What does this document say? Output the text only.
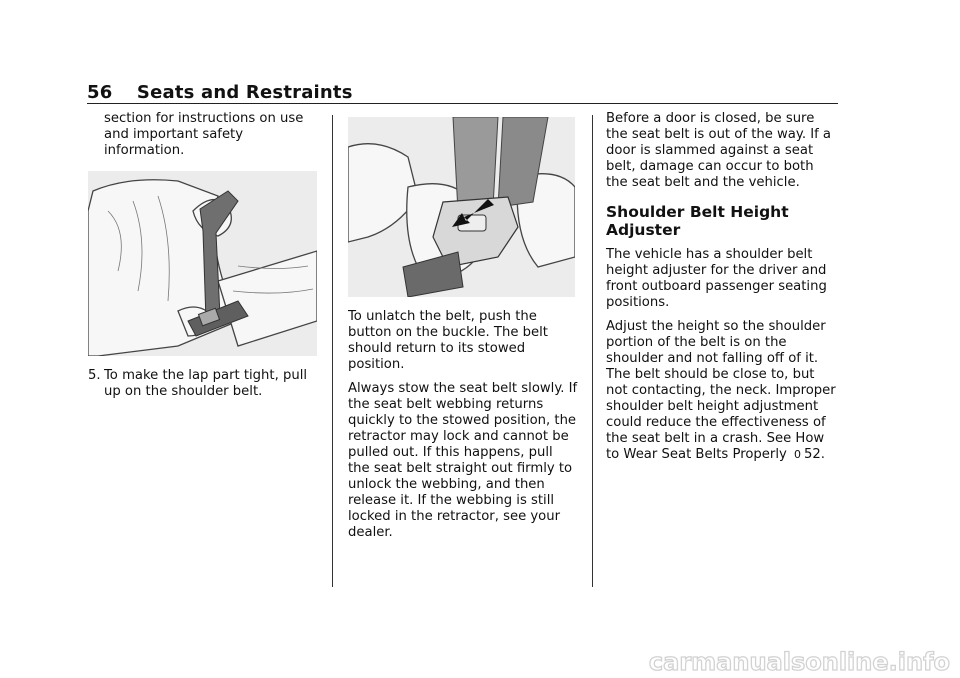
56 Seats and Restraints

section for instructions on use and important safety information.

5. To make the lap part tight, pull up on the shoulder belt.

To unlatch the belt, push the button on the buckle. The belt should return to its stowed position.

Always stow the seat belt slowly. If the seat belt webbing returns quickly to the stowed position, the retractor may lock and cannot be pulled out. If this happens, pull the seat belt straight out firmly to unlock the webbing, and then release it. If the webbing is still locked in the retractor, see your dealer.

Before a door is closed, be sure the seat belt is out of the way. If a door is slammed against a seat belt, damage can occur to both the seat belt and the vehicle.

Shoulder Belt Height Adjuster

The vehicle has a shoulder belt height adjuster for the driver and front outboard passenger seating positions.

Adjust the height so the shoulder portion of the belt is on the shoulder and not falling off of it. The belt should be close to, but not contacting, the neck. Improper shoulder belt height adjustment could reduce the effectiveness of the seat belt in a crash. See How to Wear Seat Belts Properly 0 52.

carmanualsonline.info
